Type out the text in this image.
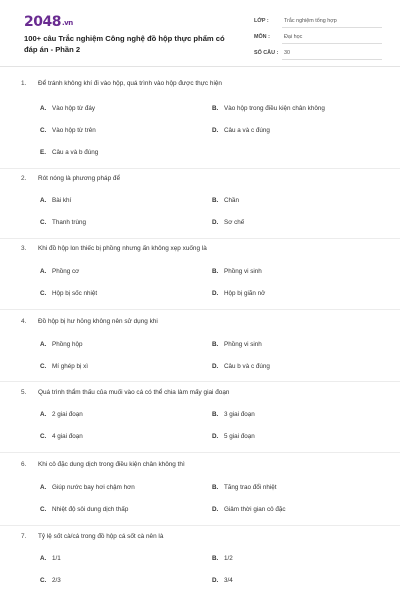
2048.vn
100+ câu Trắc nghiệm Công nghệ đồ hộp thực phẩm có đáp án - Phần 2
LỚP :	Trắc nghiệm tổng hợp
MÔN :	Đại học
SỐ CÂU :	30
1.	Để tránh không khí đi vào hộp, quá trình vào hộp được thực hiện
A. Vào hộp từ đáy	B. Vào hộp trong điều kiện chân không
C. Vào hộp từ trên	D. Câu a và c đúng
E. Câu a và b đúng
2.	Rót nóng là phương pháp để
A. Bài khí	B. Chần
C. Thanh trùng	D. Sơ chế
3.	Khi đồ hộp lon thiếc bị phồng nhưng ấn không xẹp xuống là
A. Phồng cơ	B. Phồng vi sinh
C. Hộp bị sốc nhiệt	D. Hộp bị giãn nở
4.	Đồ hộp bị hư hỏng không nên sử dụng khi
A. Phồng hộp	B. Phồng vi sinh
C. Mí ghép bị xì	D. Câu b và c đúng
5.	Quá trình thẩm thấu của muối vào cá có thể chia làm mấy giai đoạn
A. 2 giai đoạn	B. 3 giai đoạn
C. 4 giai đoạn	D. 5 giai đoạn
6.	Khi cô đặc dung dịch trong điều kiện chân không thì
A. Giúp nước bay hơi chậm hơn	B. Tăng trao đổi nhiệt
C. Nhiệt độ sôi dung dịch thấp	D. Giảm thời gian cô đặc
7.	Tỷ lệ sốt cà/cá trong đồ hộp cá sốt cà nên là
A. 1/1	B. 1/2
C. 2/3	D. 3/4
